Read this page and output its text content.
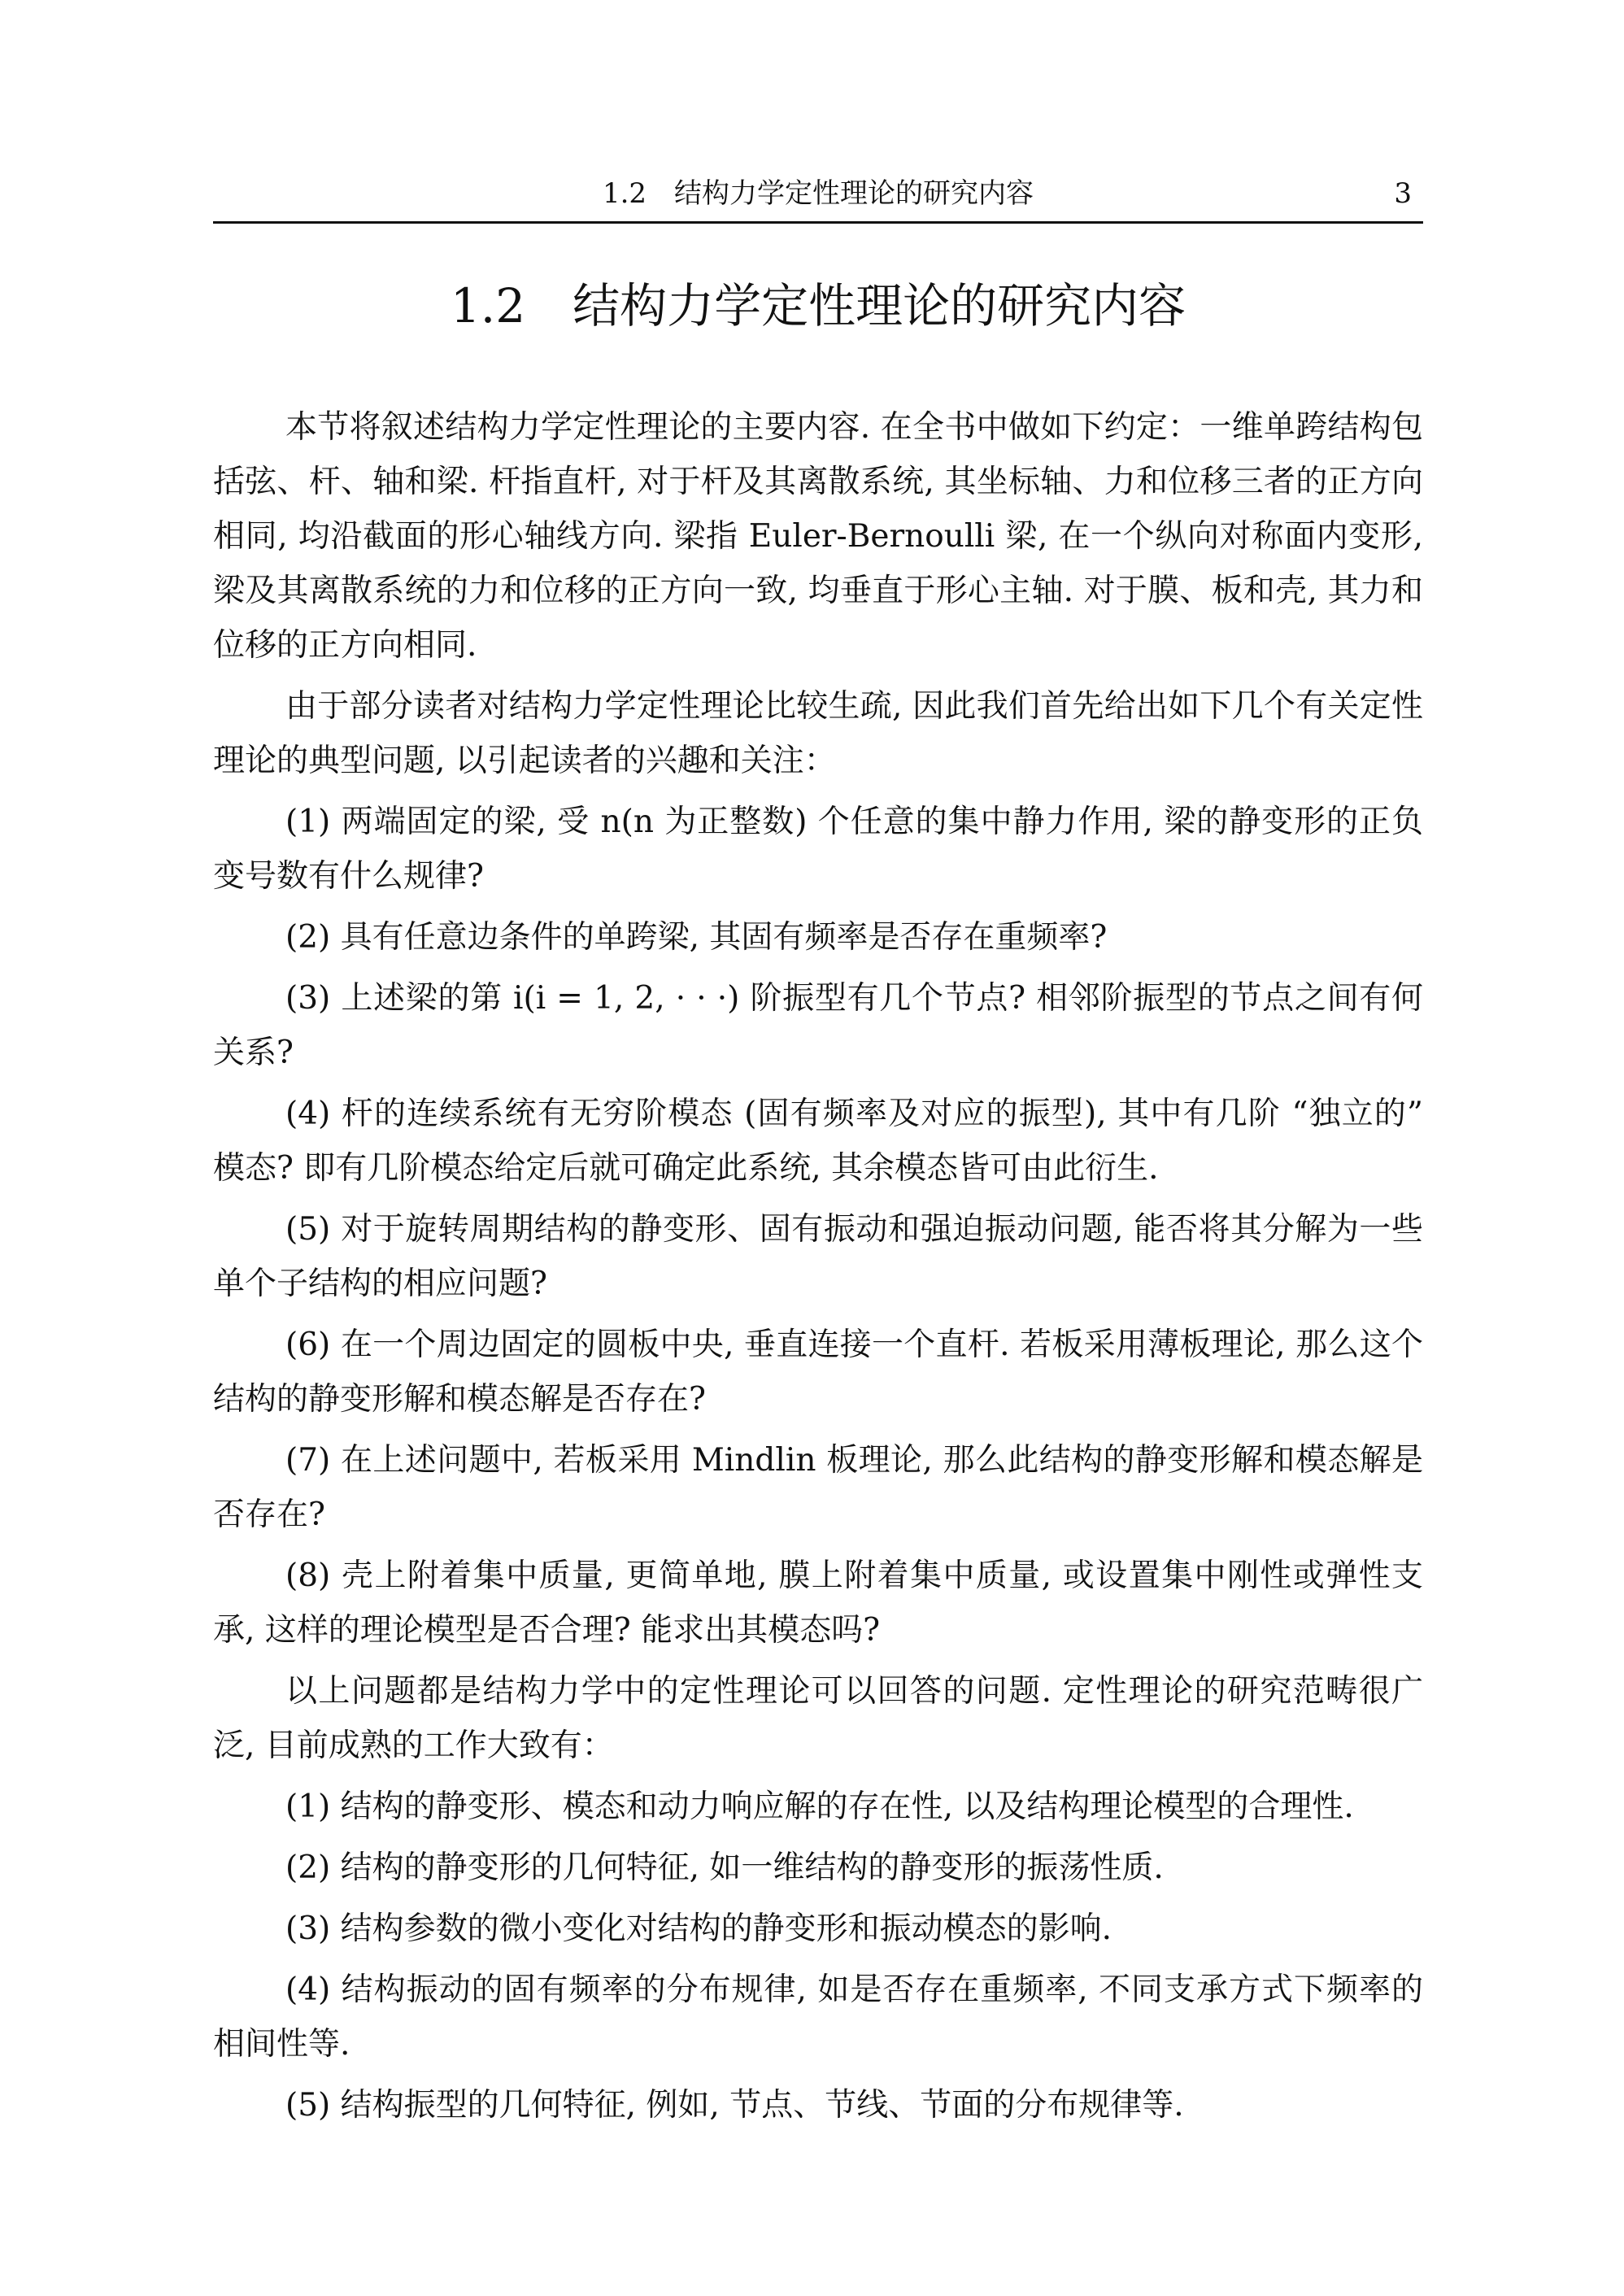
1.2　结构力学定性理论的研究内容	3
1.2　结构力学定性理论的研究内容

本节将叙述结构力学定性理论的主要内容. 在全书中做如下约定：一维单跨结构包括弦、杆、轴和梁. 杆指直杆, 对于杆及其离散系统, 其坐标轴、力和位移三者的正方向相同, 均沿截面的形心轴线方向. 梁指 Euler-Bernoulli 梁, 在一个纵向对称面内变形, 梁及其离散系统的力和位移的正方向一致, 均垂直于形心主轴. 对于膜、板和壳, 其力和位移的正方向相同.

由于部分读者对结构力学定性理论比较生疏, 因此我们首先给出如下几个有关定性理论的典型问题, 以引起读者的兴趣和关注：

(1) 两端固定的梁, 受 n(n 为正整数) 个任意的集中静力作用, 梁的静变形的正负变号数有什么规律?

(2) 具有任意边条件的单跨梁, 其固有频率是否存在重频率?

(3) 上述梁的第 i(i = 1, 2, · · ·) 阶振型有几个节点? 相邻阶振型的节点之间有何关系?

(4) 杆的连续系统有无穷阶模态 (固有频率及对应的振型), 其中有几阶 “独立的” 模态? 即有几阶模态给定后就可确定此系统, 其余模态皆可由此衍生.

(5) 对于旋转周期结构的静变形、固有振动和强迫振动问题, 能否将其分解为一些单个子结构的相应问题?

(6) 在一个周边固定的圆板中央, 垂直连接一个直杆. 若板采用薄板理论, 那么这个结构的静变形解和模态解是否存在?

(7) 在上述问题中, 若板采用 Mindlin 板理论, 那么此结构的静变形解和模态解是否存在?

(8) 壳上附着集中质量, 更简单地, 膜上附着集中质量, 或设置集中刚性或弹性支承, 这样的理论模型是否合理? 能求出其模态吗?

以上问题都是结构力学中的定性理论可以回答的问题. 定性理论的研究范畴很广泛, 目前成熟的工作大致有：

(1) 结构的静变形、模态和动力响应解的存在性, 以及结构理论模型的合理性.

(2) 结构的静变形的几何特征, 如一维结构的静变形的振荡性质.

(3) 结构参数的微小变化对结构的静变形和振动模态的影响.

(4) 结构振动的固有频率的分布规律, 如是否存在重频率, 不同支承方式下频率的相间性等.

(5) 结构振型的几何特征, 例如, 节点、节线、节面的分布规律等.
